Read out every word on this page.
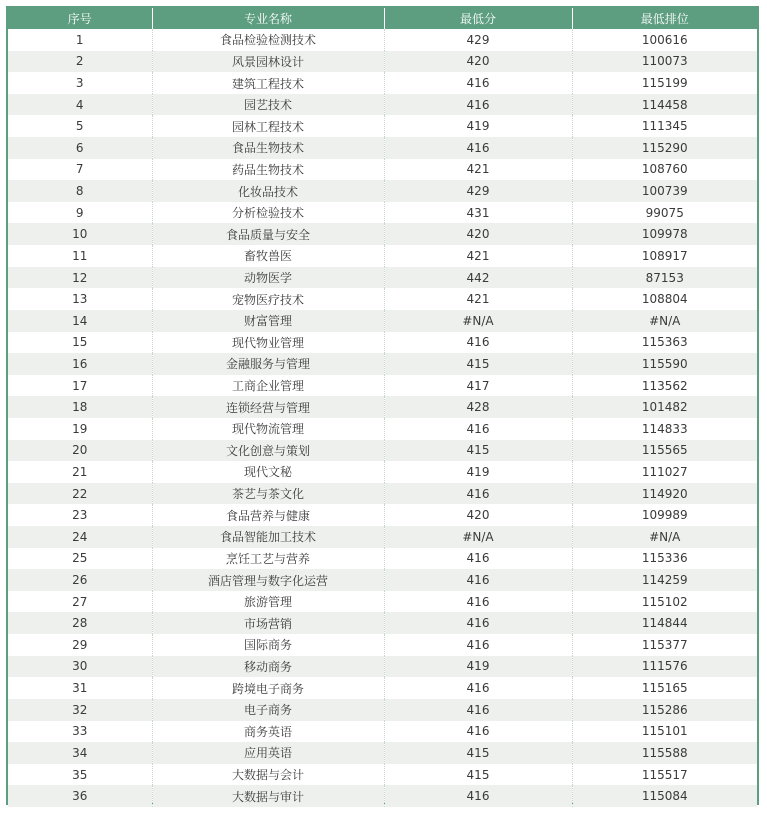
序号	专业名称	最低分	最低排位
1	食品检验检测技术	429	100616
2	风景园林设计	420	110073
3	建筑工程技术	416	115199
4	园艺技术	416	114458
5	园林工程技术	419	111345
6	食品生物技术	416	115290
7	药品生物技术	421	108760
8	化妆品技术	429	100739
9	分析检验技术	431	99075
10	食品质量与安全	420	109978
11	畜牧兽医	421	108917
12	动物医学	442	87153
13	宠物医疗技术	421	108804
14	财富管理	#N/A	#N/A
15	现代物业管理	416	115363
16	金融服务与管理	415	115590
17	工商企业管理	417	113562
18	连锁经营与管理	428	101482
19	现代物流管理	416	114833
20	文化创意与策划	415	115565
21	现代文秘	419	111027
22	茶艺与茶文化	416	114920
23	食品营养与健康	420	109989
24	食品智能加工技术	#N/A	#N/A
25	烹饪工艺与营养	416	115336
26	酒店管理与数字化运营	416	114259
27	旅游管理	416	115102
28	市场营销	416	114844
29	国际商务	416	115377
30	移动商务	419	111576
31	跨境电子商务	416	115165
32	电子商务	416	115286
33	商务英语	416	115101
34	应用英语	415	115588
35	大数据与会计	415	115517
36	大数据与审计	416	115084
